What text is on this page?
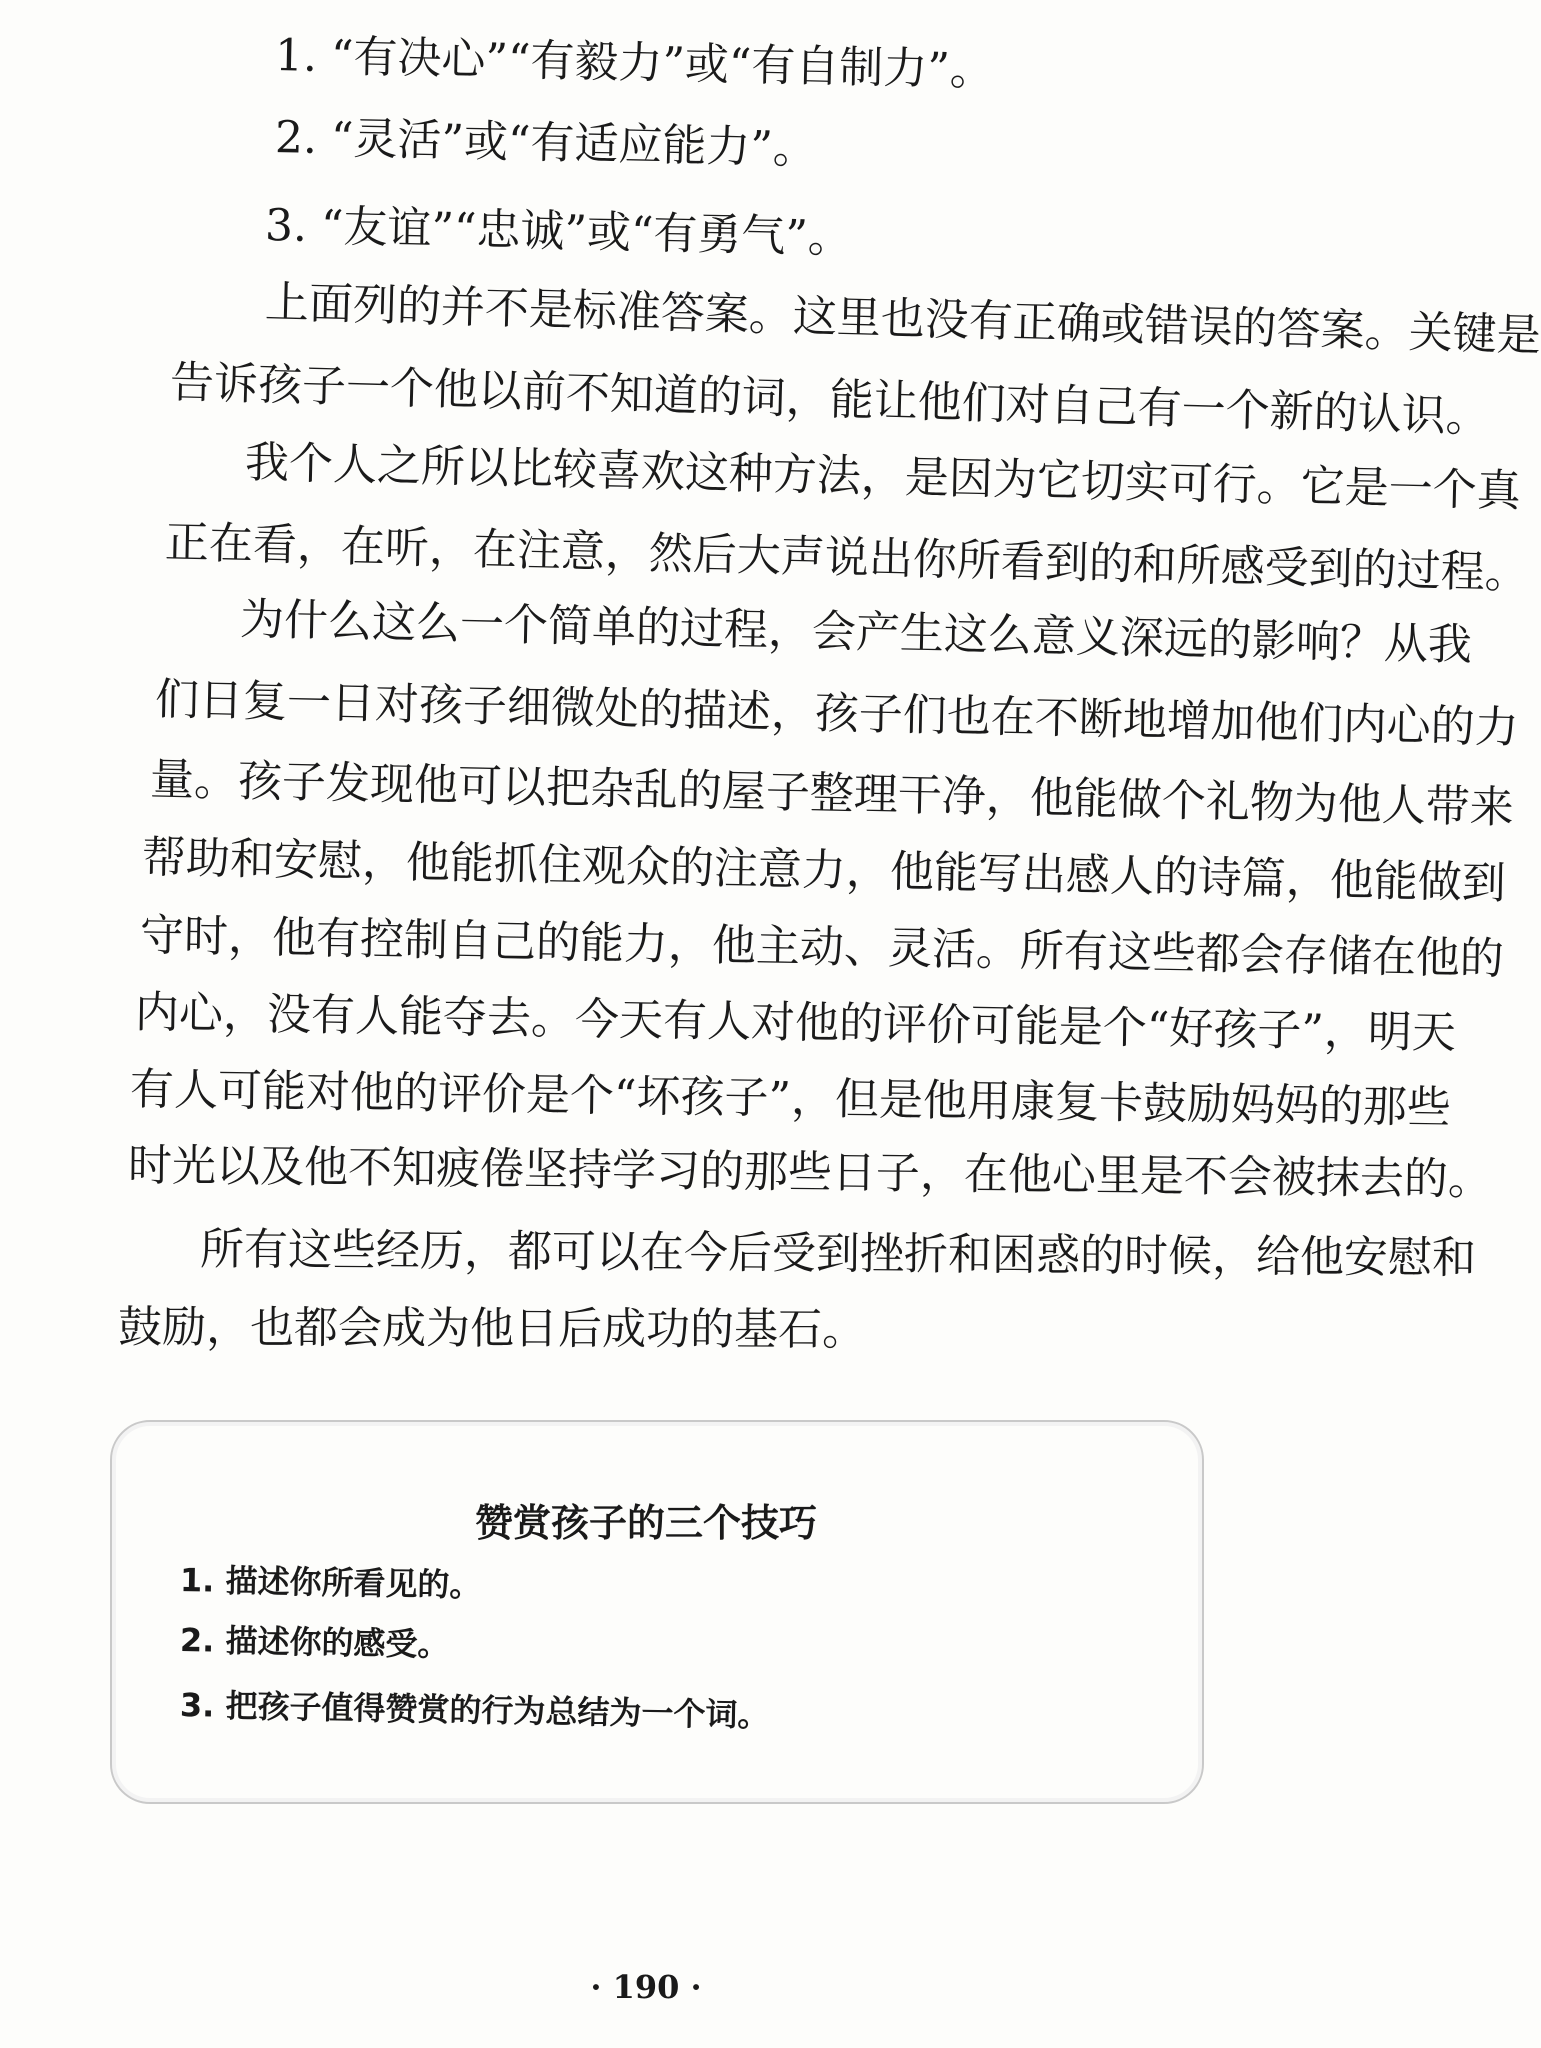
1. “有决心”“有毅力”或“有自制力”。
2. “灵活”或“有适应能力”。
3. “友谊”“忠诚”或“有勇气”。
上面列的并不是标准答案。这里也没有正确或错误的答案。关键是
告诉孩子一个他以前不知道的词，能让他们对自己有一个新的认识。
我个人之所以比较喜欢这种方法，是因为它切实可行。它是一个真
正在看，在听，在注意，然后大声说出你所看到的和所感受到的过程。
为什么这么一个简单的过程，会产生这么意义深远的影响？从我
们日复一日对孩子细微处的描述，孩子们也在不断地增加他们内心的力
量。孩子发现他可以把杂乱的屋子整理干净，他能做个礼物为他人带来
帮助和安慰，他能抓住观众的注意力，他能写出感人的诗篇，他能做到
守时，他有控制自己的能力，他主动、灵活。所有这些都会存储在他的
内心，没有人能夺去。今天有人对他的评价可能是个“好孩子”，明天
有人可能对他的评价是个“坏孩子”，但是他用康复卡鼓励妈妈的那些
时光以及他不知疲倦坚持学习的那些日子，在他心里是不会被抹去的。
所有这些经历，都可以在今后受到挫折和困惑的时候，给他安慰和
鼓励，也都会成为他日后成功的基石。
赞赏孩子的三个技巧
1. 描述你所看见的。
2. 描述你的感受。
3. 把孩子值得赞赏的行为总结为一个词。
· 190 ·
